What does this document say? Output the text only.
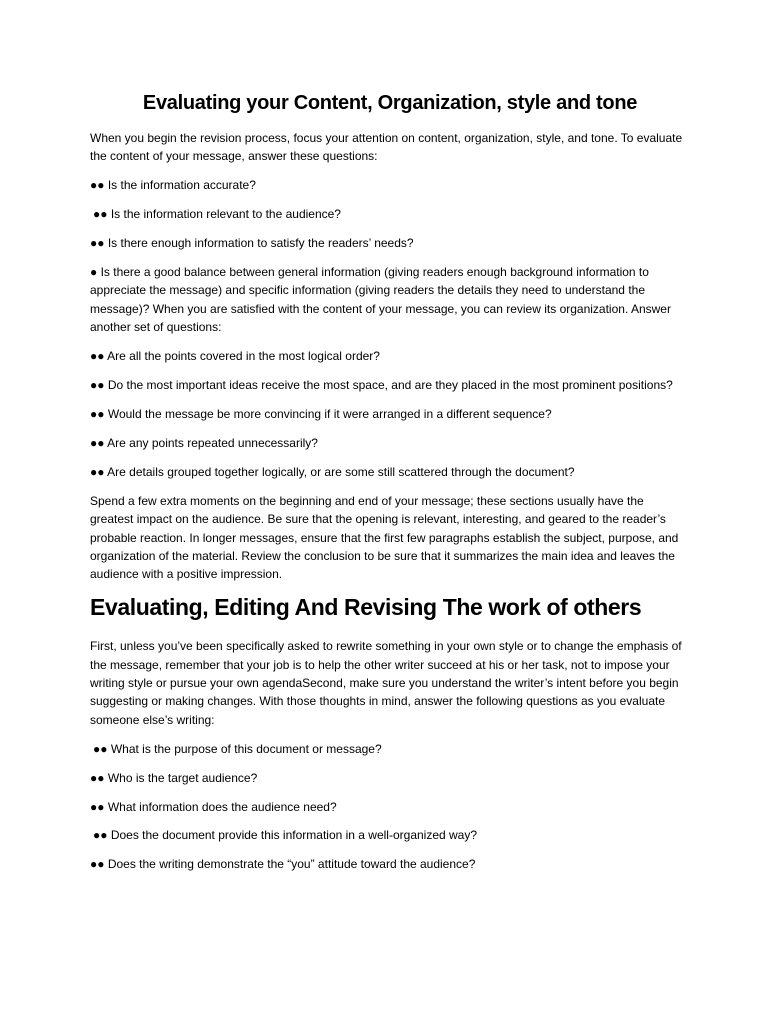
Evaluating your Content, Organization, style and tone

When you begin the revision process, focus your attention on content, organization, style, and tone. To evaluate the content of your message, answer these questions:

●● Is the information accurate?

●● Is the information relevant to the audience?

●● Is there enough information to satisfy the readers’ needs?

● Is there a good balance between general information (giving readers enough background information to appreciate the message) and specific information (giving readers the details they need to understand the message)? When you are satisfied with the content of your message, you can review its organization. Answer another set of questions:

●● Are all the points covered in the most logical order?

●● Do the most important ideas receive the most space, and are they placed in the most prominent positions?

●● Would the message be more convincing if it were arranged in a different sequence?

●● Are any points repeated unnecessarily?

●● Are details grouped together logically, or are some still scattered through the document?

Spend a few extra moments on the beginning and end of your message; these sections usually have the greatest impact on the audience. Be sure that the opening is relevant, interesting, and geared to the reader’s probable reaction. In longer messages, ensure that the first few paragraphs establish the subject, purpose, and organization of the material. Review the conclusion to be sure that it summarizes the main idea and leaves the audience with a positive impression.

Evaluating, Editing And Revising The work of others

First, unless you’ve been specifically asked to rewrite something in your own style or to change the emphasis of the message, remember that your job is to help the other writer succeed at his or her task, not to impose your writing style or pursue your own agendaSecond, make sure you understand the writer’s intent before you begin suggesting or making changes. With those thoughts in mind, answer the following questions as you evaluate someone else’s writing:

●● What is the purpose of this document or message?

●● Who is the target audience?

●● What information does the audience need?

●● Does the document provide this information in a well-organized way?

●● Does the writing demonstrate the “you” attitude toward the audience?
